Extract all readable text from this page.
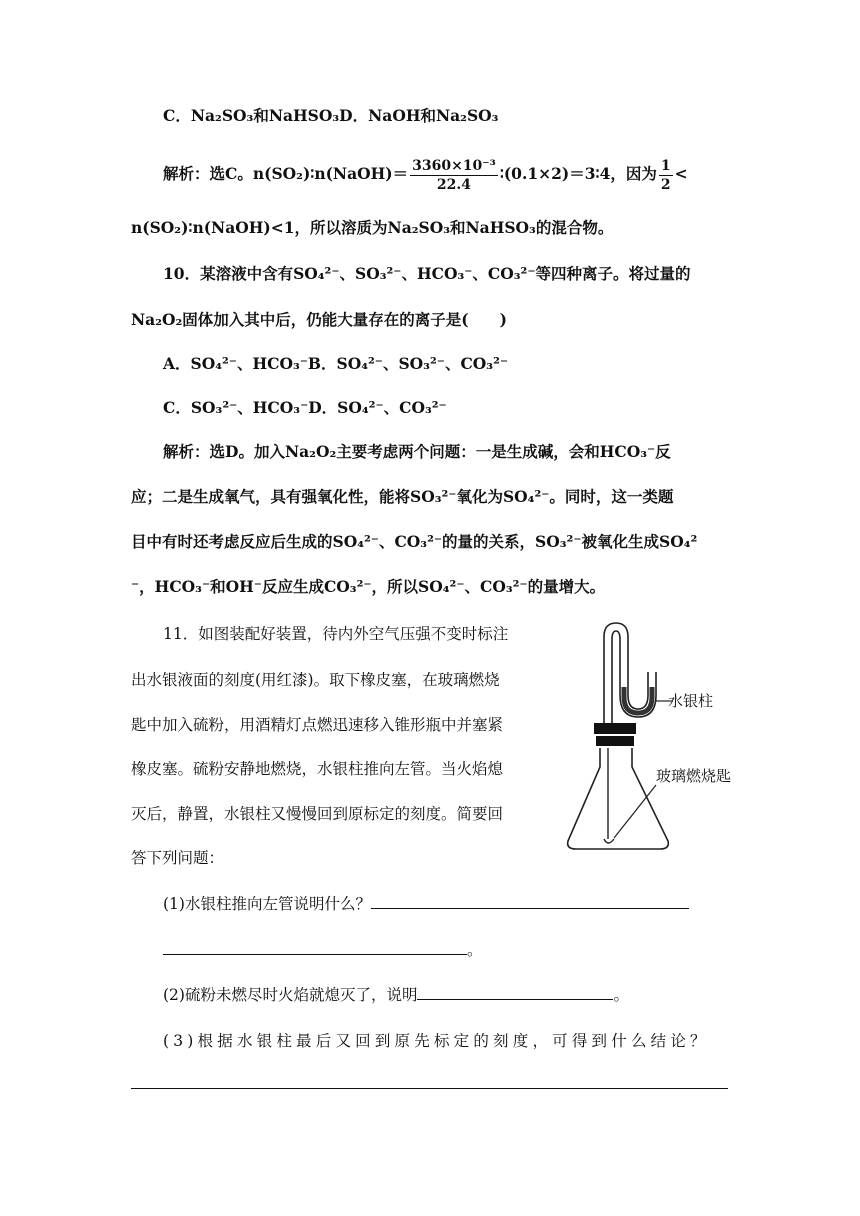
C．Na₂SO₃和NaHSO₃D．NaOH和Na₂SO₃
解析：选C。n(SO₂)∶n(NaOH)＝ $\frac{\text{3360×10⁻³}}{22.4}$ ∶(0.1×2)＝3∶4，因为 $\frac{1}{2}$ <
n(SO₂)∶n(NaOH)<1，所以溶质为Na₂SO₃和NaHSO₃的混合物。
10．某溶液中含有SO₄²⁻、SO₃²⁻、HCO₃⁻、CO₃²⁻等四种离子。将过量的
Na₂O₂固体加入其中后，仍能大量存在的离子是(　　)
A．SO₄²⁻、HCO₃⁻B．SO₄²⁻、SO₃²⁻、CO₃²⁻
C．SO₃²⁻、HCO₃⁻D．SO₄²⁻、CO₃²⁻
解析：选D。加入Na₂O₂主要考虑两个问题：一是生成碱，会和HCO₃⁻反
应；二是生成氧气，具有强氧化性，能将SO₃²⁻氧化为SO₄²⁻。同时，这一类题
目中有时还考虑反应后生成的SO₄²⁻、CO₃²⁻的量的关系，SO₃²⁻被氧化生成SO₄²
⁻，HCO₃⁻和OH⁻反应生成CO₃²⁻，所以SO₄²⁻、CO₃²⁻的量增大。
11．如图装配好装置，待内外空气压强不变时标注
出水银液面的刻度(用红漆)。取下橡皮塞，在玻璃燃烧
匙中加入硫粉，用酒精灯点燃迅速移入锥形瓶中并塞紧
橡皮塞。硫粉安静地燃烧，水银柱推向左管。当火焰熄
灭后，静置，水银柱又慢慢回到原标定的刻度。简要回
答下列问题：
水银柱
玻璃燃烧匙
(1)水银柱推向左管说明什么？
。
(2)硫粉未燃尽时火焰就熄灭了，说明	。
(3)根据水银柱最后又回到原先标定的刻度，可得到什么结论？
